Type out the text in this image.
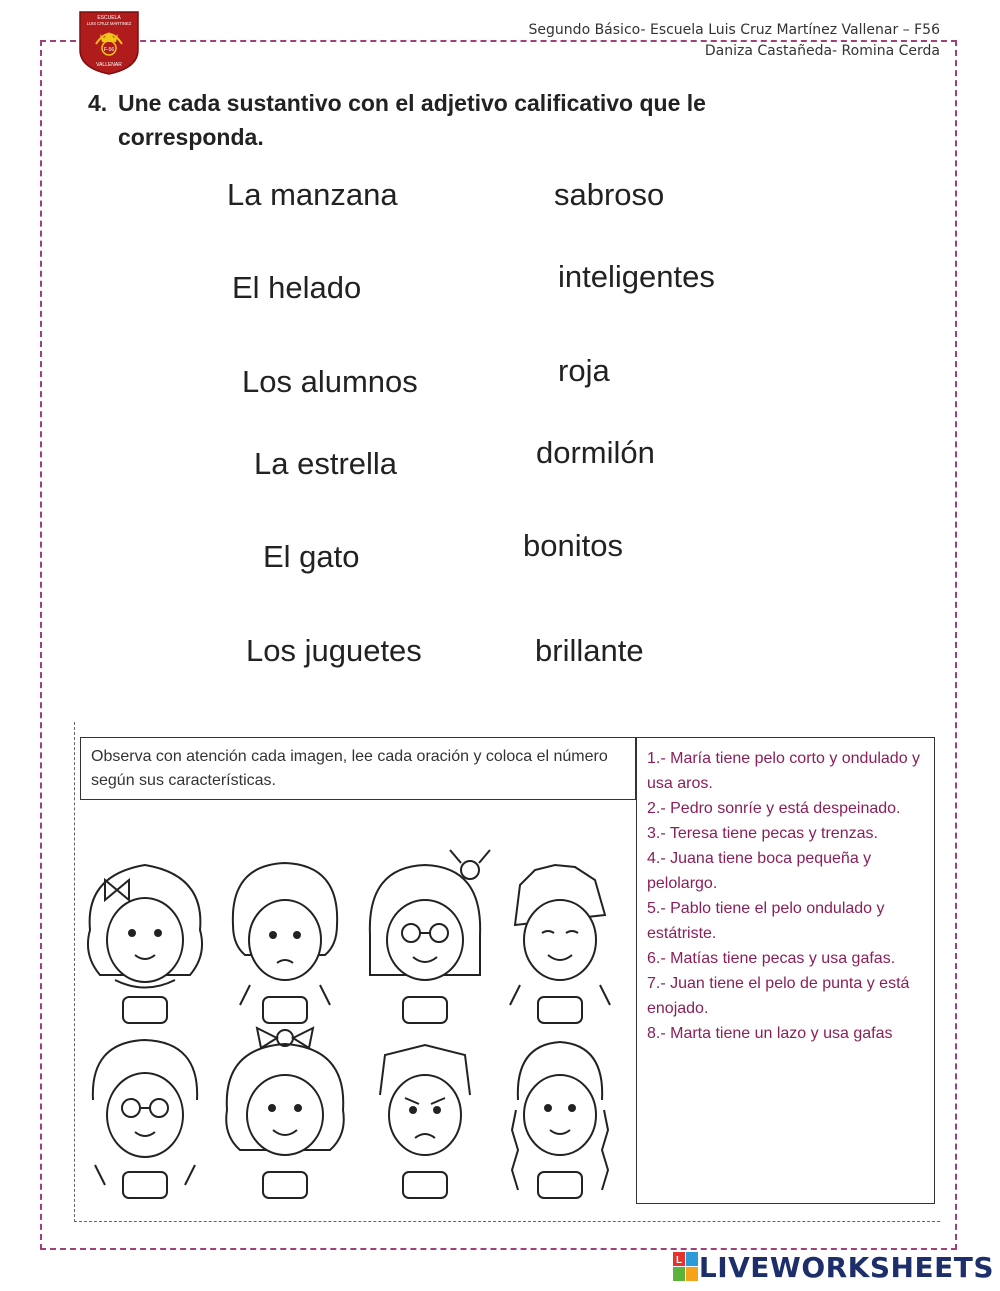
ESCUELA
LUIS CRUZ MARTINEZ
F-56
VALLENAR
Segundo Básico- Escuela Luis Cruz Martínez Vallenar – F56
Daniza Castañeda- Romina Cerda
4. Une cada sustantivo con el adjetivo calificativo que le corresponda.
La manzana
El helado
Los alumnos
La estrella
El gato
Los juguetes
sabroso
inteligentes
roja
dormilón
bonitos
brillante
Observa con atención cada imagen, lee cada oración y coloca el número según sus características.

1.- María tiene pelo corto y ondulado y usa aros.

2.- Pedro sonríe y está despeinado.

3.- Teresa tiene pecas y trenzas.

4.- Juana tiene boca pequeña y pelolargo.

5.- Pablo tiene el pelo ondulado y estátriste.

6.- Matías tiene pecas y usa gafas.

7.- Juan tiene el pelo de punta y está enojado.

8.- Marta tiene un lazo y usa gafas

L LIVEWORKSHEETS
